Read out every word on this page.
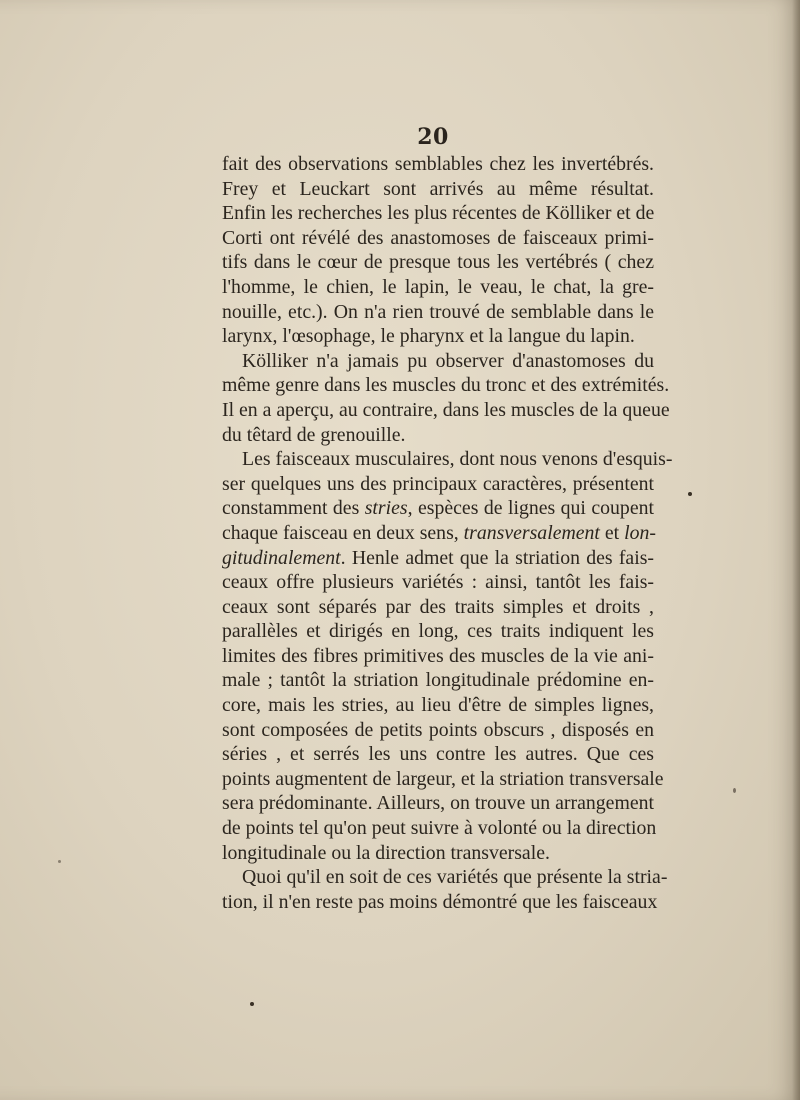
20
fait des observations semblables chez les invertébrés.
Frey et Leuckart sont arrivés au même résultat.
Enfin les recherches les plus récentes de Kölliker et de
Corti ont révélé des anastomoses de faisceaux primi-
tifs dans le cœur de presque tous les vertébrés ( chez
l'homme, le chien, le lapin, le veau, le chat, la gre-
nouille, etc.). On n'a rien trouvé de semblable dans le
larynx, l'œsophage, le pharynx et la langue du lapin.
Kölliker n'a jamais pu observer d'anastomoses du
même genre dans les muscles du tronc et des extrémités.
Il en a aperçu, au contraire, dans les muscles de la queue
du têtard de grenouille.
Les faisceaux musculaires, dont nous venons d'esquis-
ser quelques uns des principaux caractères, présentent
constamment des stries, espèces de lignes qui coupent
chaque faisceau en deux sens, transversalement et lon-
gitudinalement. Henle admet que la striation des fais-
ceaux offre plusieurs variétés : ainsi, tantôt les fais-
ceaux sont séparés par des traits simples et droits ,
parallèles et dirigés en long, ces traits indiquent les
limites des fibres primitives des muscles de la vie ani-
male ; tantôt la striation longitudinale prédomine en-
core, mais les stries, au lieu d'être de simples lignes,
sont composées de petits points obscurs , disposés en
séries , et serrés les uns contre les autres. Que ces
points augmentent de largeur, et la striation transversale
sera prédominante. Ailleurs, on trouve un arrangement
de points tel qu'on peut suivre à volonté ou la direction
longitudinale ou la direction transversale.
Quoi qu'il en soit de ces variétés que présente la stria-
tion, il n'en reste pas moins démontré que les faisceaux
